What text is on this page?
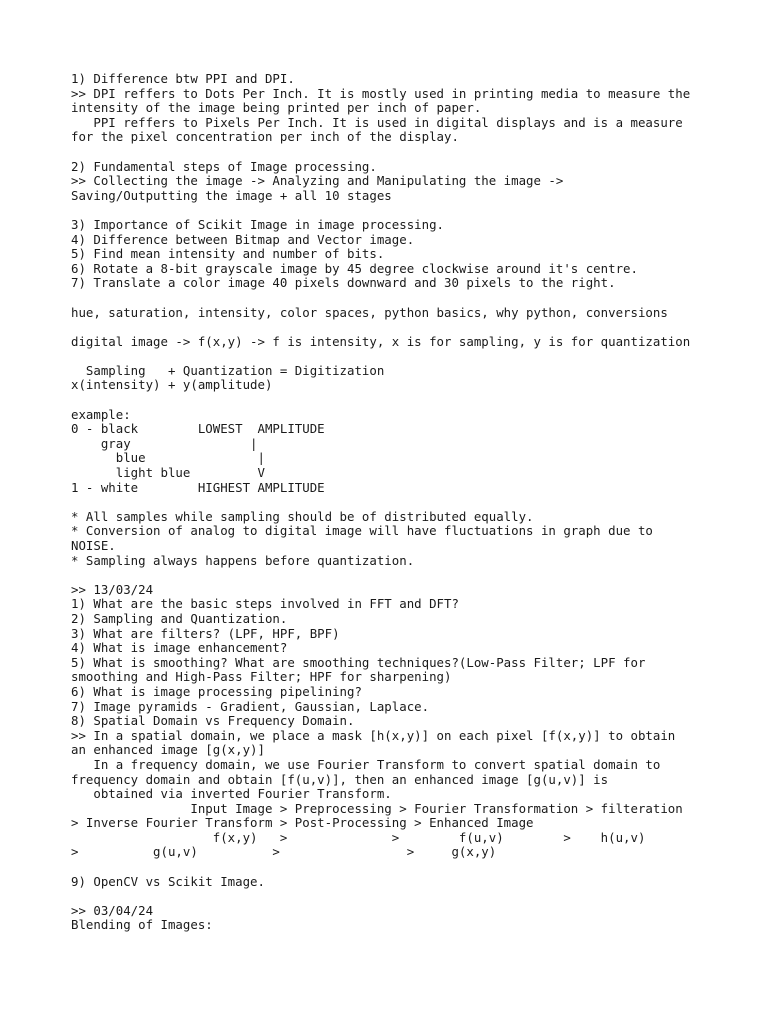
1) Difference btw PPI and DPI.
>> DPI reffers to Dots Per Inch. It is mostly used in printing media to measure the
intensity of the image being printed per inch of paper.
PPI reffers to Pixels Per Inch. It is used in digital displays and is a measure
for the pixel concentration per inch of the display.
2) Fundamental steps of Image processing.
>> Collecting the image -> Analyzing and Manipulating the image ->
Saving/Outputting the image + all 10 stages
3) Importance of Scikit Image in image processing.
4) Difference between Bitmap and Vector image.
5) Find mean intensity and number of bits.
6) Rotate a 8-bit grayscale image by 45 degree clockwise around it's centre.
7) Translate a color image 40 pixels downward and 30 pixels to the right.
hue, saturation, intensity, color spaces, python basics, why python, conversions
digital image -> f(x,y) -> f is intensity, x is for sampling, y is for quantization
Sampling   + Quantization = Digitization
x(intensity) + y(amplitude)
example:
0 - black        LOWEST  AMPLITUDE
gray                |
blue               |
light blue         V
1 - white        HIGHEST AMPLITUDE
* All samples while sampling should be of distributed equally.
* Conversion of analog to digital image will have fluctuations in graph due to
NOISE.
* Sampling always happens before quantization.
>> 13/03/24
1) What are the basic steps involved in FFT and DFT?
2) Sampling and Quantization.
3) What are filters? (LPF, HPF, BPF)
4) What is image enhancement?
5) What is smoothing? What are smoothing techniques?(Low-Pass Filter; LPF for
smoothing and High-Pass Filter; HPF for sharpening)
6) What is image processing pipelining?
7) Image pyramids - Gradient, Gaussian, Laplace.
8) Spatial Domain vs Frequency Domain.
>> In a spatial domain, we place a mask [h(x,y)] on each pixel [f(x,y)] to obtain
an enhanced image [g(x,y)]
In a frequency domain, we use Fourier Transform to convert spatial domain to
frequency domain and obtain [f(u,v)], then an enhanced image [g(u,v)] is
obtained via inverted Fourier Transform.
Input Image > Preprocessing > Fourier Transformation > filteration
> Inverse Fourier Transform > Post-Processing > Enhanced Image
f(x,y)   >              >        f(u,v)        >    h(u,v)
>          g(u,v)          >                 >     g(x,y)
9) OpenCV vs Scikit Image.
>> 03/04/24
Blending of Images:
